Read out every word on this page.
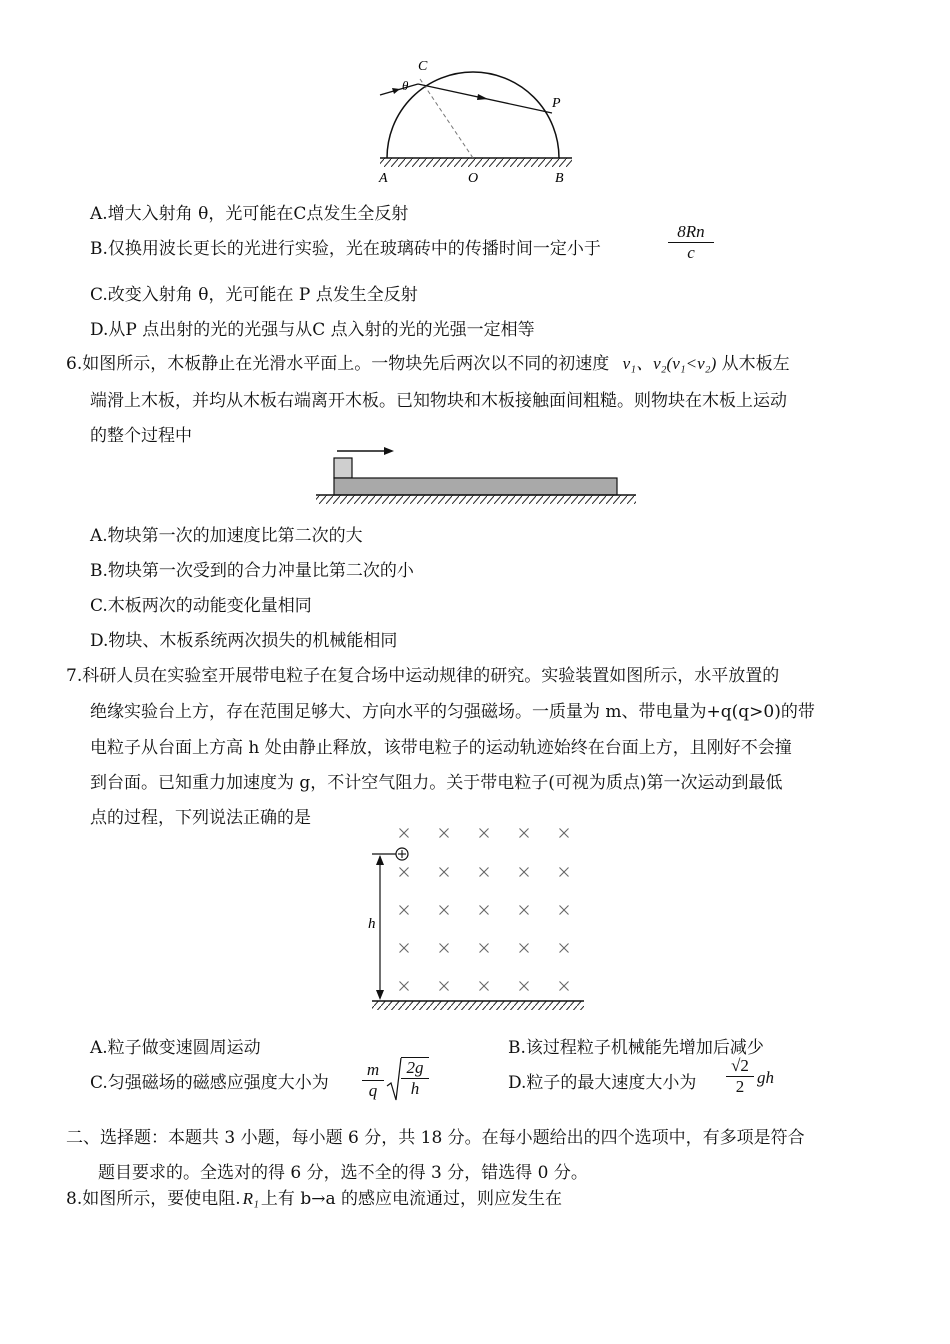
C
θ
P
A	O	B
A.增大入射角 θ，光可能在C点发生全反射
B.仅换用波长更长的光进行实验，光在玻璃砖中的传播时间一定小于	$\frac{8Rn}{c}$
C.改变入射角 θ，光可能在 P 点发生全反射
D.从P 点出射的光的光强与从C 点入射的光的光强一定相等
6.如图所示，木板静止在光滑水平面上。一物块先后两次以不同的初速度 v₁、v₂(v₁<v₂) 从木板左
端滑上木板，并均从木板右端离开木板。已知物块和木板接触面间粗糙。则物块在木板上运动
的整个过程中
A.物块第一次的加速度比第二次的大
B.物块第一次受到的合力冲量比第二次的小
C.木板两次的动能变化量相同
D.物块、木板系统两次损失的机械能相同
7.科研人员在实验室开展带电粒子在复合场中运动规律的研究。实验装置如图所示，水平放置的
绝缘实验台上方，存在范围足够大、方向水平的匀强磁场。一质量为 m、带电量为+q(q>0)的带
电粒子从台面上方高 h 处由静止释放，该带电粒子的运动轨迹始终在台面上方，且刚好不会撞
到台面。已知重力加速度为 g，不计空气阻力。关于带电粒子(可视为质点)第一次运动到最低
点的过程，下列说法正确的是
h
A.粒子做变速圆周运动	B.该过程粒子机械能先增加后减少
C.匀强磁场的磁感应强度大小为 $\frac{m}{q} \frac{2g}{h}$	D.粒子的最大速度大小为 $\frac{√2}{2}$ gh
二、选择题：本题共 3 小题，每小题 6 分，共 18 分。在每小题给出的四个选项中，有多项是符合
题目要求的。全选对的得 6 分，选不全的得 3 分，错选得 0 分。
8.如图所示，要使电阻. R₁ 上有 b→a 的感应电流通过，则应发生在
